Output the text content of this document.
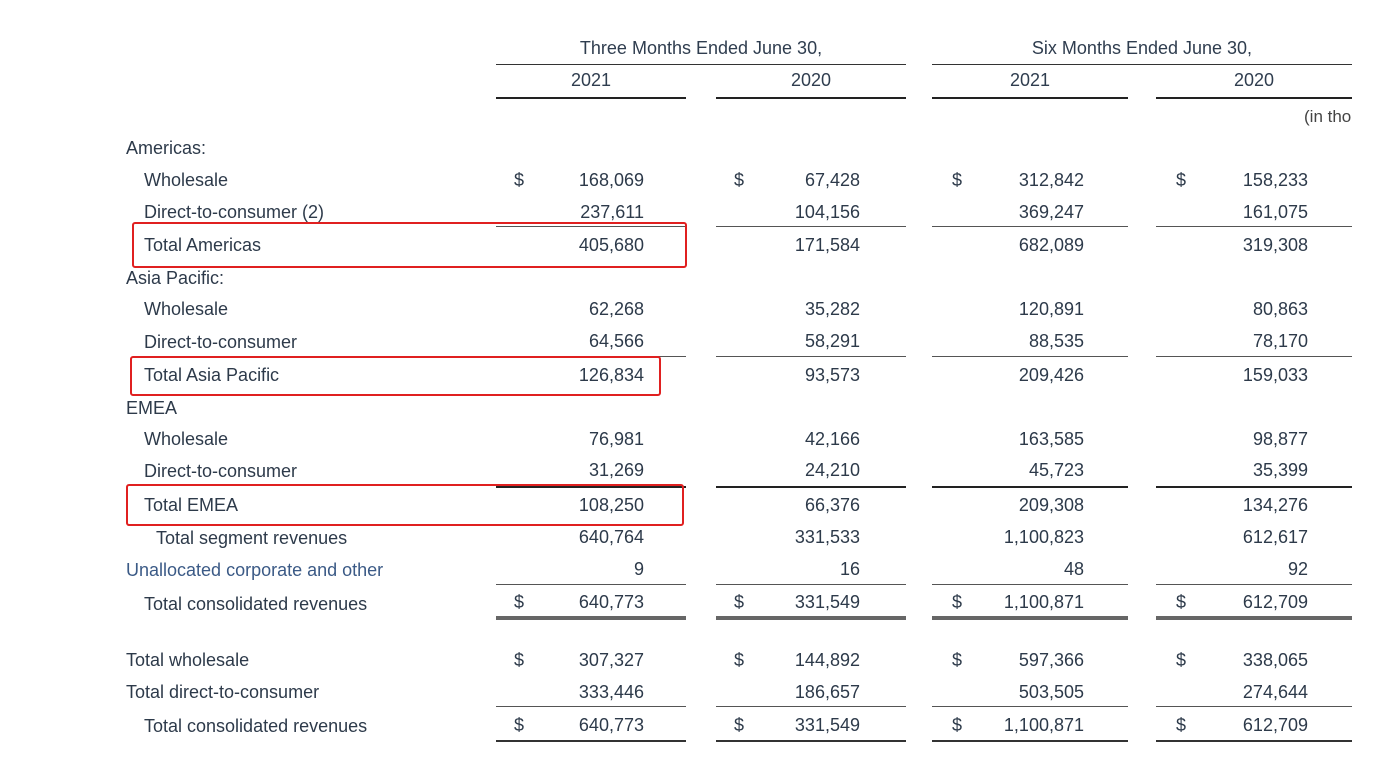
Three Months Ended June 30,	Six Months Ended June 30,
2021	2020	2021	2020
(in tho
Americas:
Wholesale	$	168,069	$	67,428	$	312,842	$	158,233
Direct-to-consumer (2)	237,611	104,156	369,247	161,075
Total Americas	405,680	171,584	682,089	319,308
Asia Pacific:
Wholesale	62,268	35,282	120,891	80,863
Direct-to-consumer	64,566	58,291	88,535	78,170
Total Asia Pacific	126,834	93,573	209,426	159,033
EMEA
Wholesale	76,981	42,166	163,585	98,877
Direct-to-consumer	31,269	24,210	45,723	35,399
Total EMEA	108,250	66,376	209,308	134,276
Total segment revenues	640,764	331,533	1,100,823	612,617
Unallocated corporate and other	9	16	48	92
Total consolidated revenues	$	640,773	$	331,549	$	1,100,871	$	612,709
Total wholesale	$	307,327	$	144,892	$	597,366	$	338,065
Total direct-to-consumer	333,446	186,657	503,505	274,644
Total consolidated revenues	$	640,773	$	331,549	$	1,100,871	$	612,709
